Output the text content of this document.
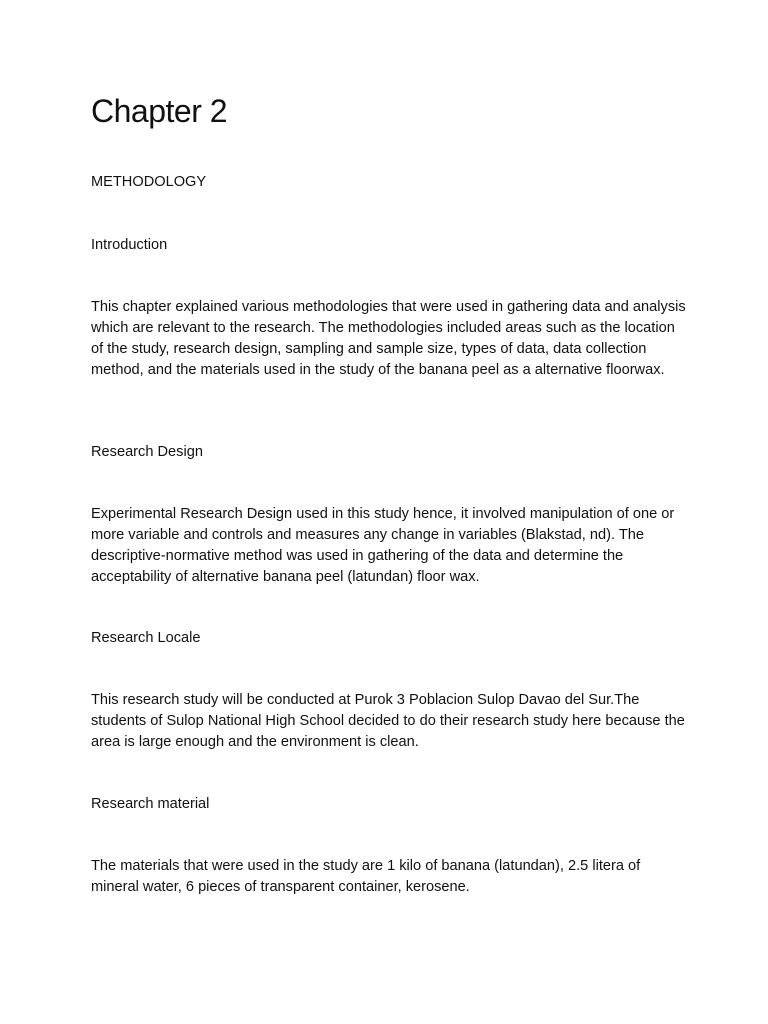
Chapter 2
METHODOLOGY
Introduction

This chapter explained various methodologies that were used in gathering data and analysis which are relevant to the research. The methodologies included areas such as the location of the study, research design, sampling and sample size, types of data, data collection method, and the materials used in the study of the banana peel as a alternative floorwax.

Research Design

Experimental Research Design used in this study hence, it involved manipulation of one or more variable and controls and measures any change in variables (Blakstad, nd). The descriptive-normative method was used in gathering of the data and determine the acceptability of alternative banana peel (latundan) floor wax.

Research Locale

This research study will be conducted at Purok 3 Poblacion Sulop Davao del Sur.The students of Sulop National High School decided to do their research study here because the area is large enough and the environment is clean.

Research material

The materials that were used in the study are 1 kilo of banana (latundan), 2.5 litera of mineral water, 6 pieces of transparent container, kerosene.
